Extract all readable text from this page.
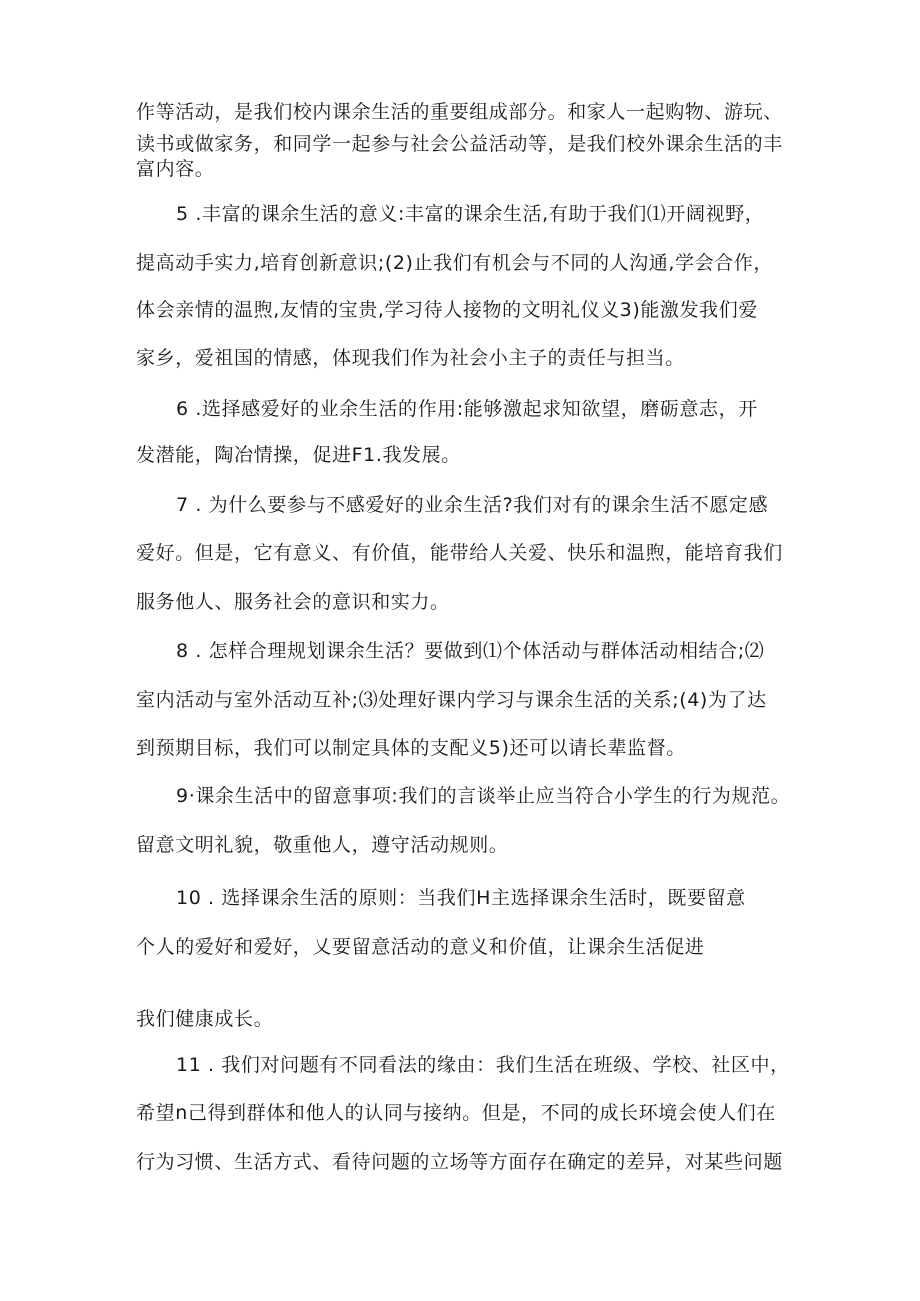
作等活动，是我们校内课余生活的重要组成部分。和家人一起购物、游玩、
读书或做家务，和同学一起参与社会公益活动等，是我们校外课余生活的丰
富内容。
5 .丰富的课余生活的意义:丰富的课余生活,有助于我们⑴开阔视野，
提高动手实力,培育创新意识;(2)止我们有机会与不同的人沟通,学会合作，
体会亲情的温煦,友情的宝贵,学习待人接物的文明礼仪义3)能激发我们爱
家乡，爱祖国的情感，体现我们作为社会小主子的责任与担当。
6 .选择感爱好的业余生活的作用:能够激起求知欲望，磨砺意志，开
发潜能，陶冶情操，促进F1.我发展。
7 . 为什么要参与不感爱好的业余生活?我们对有的课余生活不愿定感
爱好。但是，它有意义、有价值，能带给人关爱、快乐和温煦，能培育我们
服务他人、服务社会的意识和实力。
8 . 怎样合理规划课余生活？要做到⑴个体活动与群体活动相结合;⑵
室内活动与室外活动互补;⑶处理好课内学习与课余生活的关系;(4)为了达
到预期目标，我们可以制定具体的支配义5)还可以请长辈监督。
9·课余生活中的留意事项:我们的言谈举止应当符合小学生的行为规范。
留意文明礼貌，敬重他人，遵守活动规则。
10 . 选择课余生活的原则：当我们H主选择课余生活时，既要留意
个人的爱好和爱好，乂要留意活动的意义和价值，让课余生活促进
我们健康成长。
11 . 我们对问题有不同看法的缘由：我们生活在班级、学校、社区中，
希望n己得到群体和他人的认同与接纳。但是，不同的成长环境会使人们在
行为习惯、生活方式、看待问题的立场等方面存在确定的差异，对某些问题
